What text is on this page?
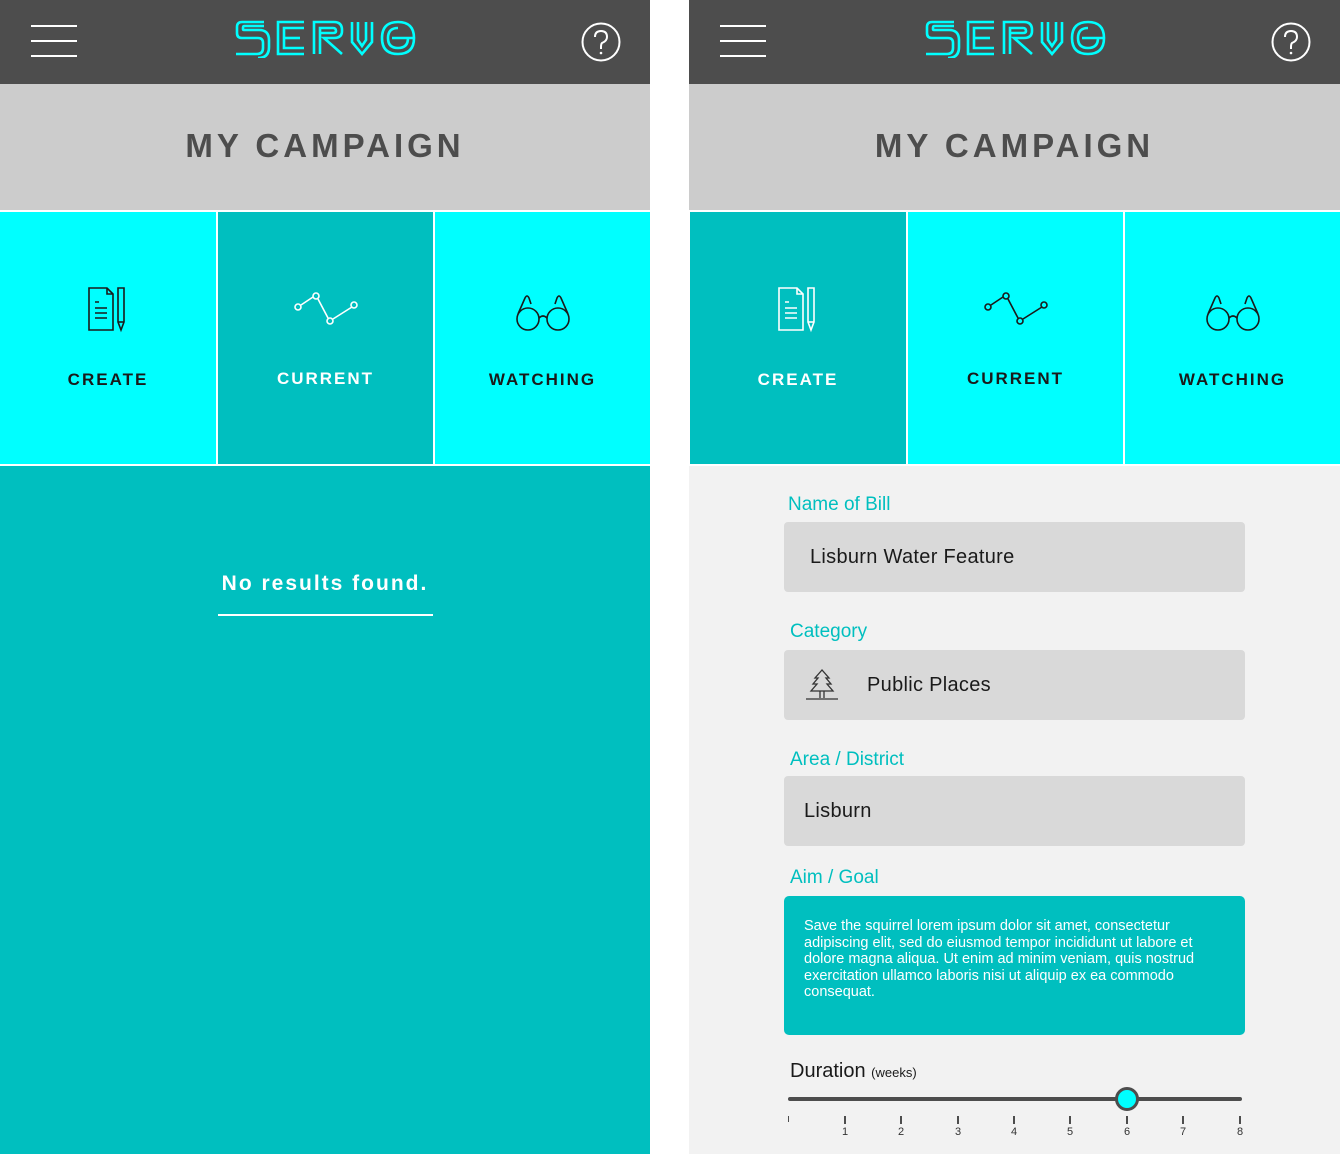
MY CAMPAIGN
CREATE	CURRENT	WATCHING
No results found.
MY CAMPAIGN
CREATE	CURRENT	WATCHING
Name of Bill
Lisburn Water Feature
Category
Public Places
Area / District
Lisburn
Aim / Goal
Save the squirrel lorem ipsum dolor sit amet, consectetur adipiscing elit, sed do eiusmod tempor incididunt ut labore et dolore magna aliqua. Ut enim ad minim veniam, quis nostrud exercitation ullamco laboris nisi ut aliquip ex ea commodo consequat.
Duration (weeks)
1	2	3	4	5	6	7	8
